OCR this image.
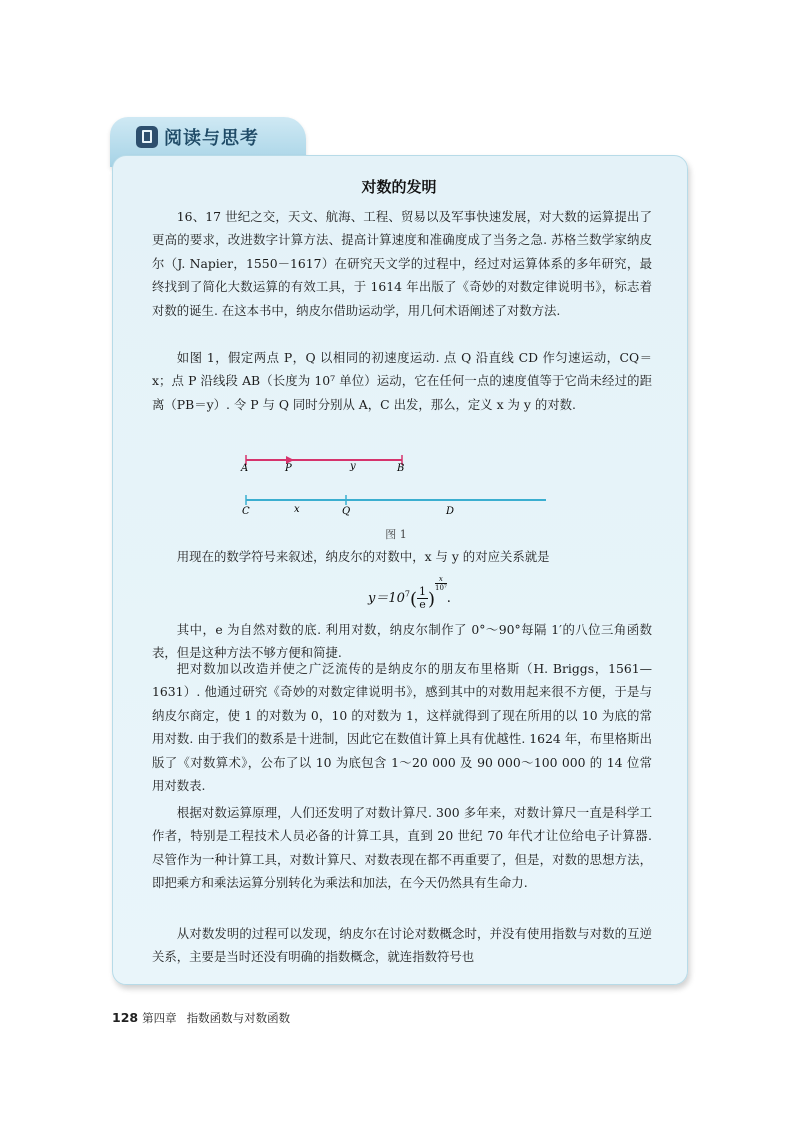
阅读与思考
对数的发明

16、17 世纪之交，天文、航海、工程、贸易以及军事快速发展，对大数的运算提出了更高的要求，改进数字计算方法、提高计算速度和准确度成了当务之急. 苏格兰数学家纳皮尔（J. Napier，1550－1617）在研究天文学的过程中，经过对运算体系的多年研究，最终找到了简化大数运算的有效工具，于 1614 年出版了《奇妙的对数定律说明书》，标志着对数的诞生. 在这本书中，纳皮尔借助运动学，用几何术语阐述了对数方法.

如图 1，假定两点 P，Q 以相同的初速度运动. 点 Q 沿直线 CD 作匀速运动，CQ＝x；点 P 沿线段 AB（长度为 10⁷ 单位）运动，它在任何一点的速度值等于它尚未经过的距离（PB＝y）. 令 P 与 Q 同时分别从 A，C 出发，那么，定义 x 为 y 的对数.

A	P	y	B
C	x	Q	D
图 1

用现在的数学符号来叙述，纳皮尔的对数中，x 与 y 的对应关系就是

$y=10^7( \frac{1}{e}$ )
$\frac{x}{\text{10⁷}}$
.

其中，e 为自然对数的底. 利用对数，纳皮尔制作了 0°～90°每隔 1′的八位三角函数表，但是这种方法不够方便和简捷.

把对数加以改造并使之广泛流传的是纳皮尔的朋友布里格斯（H. Briggs，1561—1631）. 他通过研究《奇妙的对数定律说明书》，感到其中的对数用起来很不方便，于是与纳皮尔商定，使 1 的对数为 0，10 的对数为 1，这样就得到了现在所用的以 10 为底的常用对数. 由于我们的数系是十进制，因此它在数值计算上具有优越性. 1624 年，布里格斯出版了《对数算术》，公布了以 10 为底包含 1～20 000 及 90 000～100 000 的 14 位常用对数表.

根据对数运算原理，人们还发明了对数计算尺. 300 多年来，对数计算尺一直是科学工作者，特别是工程技术人员必备的计算工具，直到 20 世纪 70 年代才让位给电子计算器. 尽管作为一种计算工具，对数计算尺、对数表现在都不再重要了，但是，对数的思想方法，即把乘方和乘法运算分别转化为乘法和加法，在今天仍然具有生命力.

从对数发明的过程可以发现，纳皮尔在讨论对数概念时，并没有使用指数与对数的互逆关系，主要是当时还没有明确的指数概念，就连指数符号也

128 第四章 指数函数与对数函数
